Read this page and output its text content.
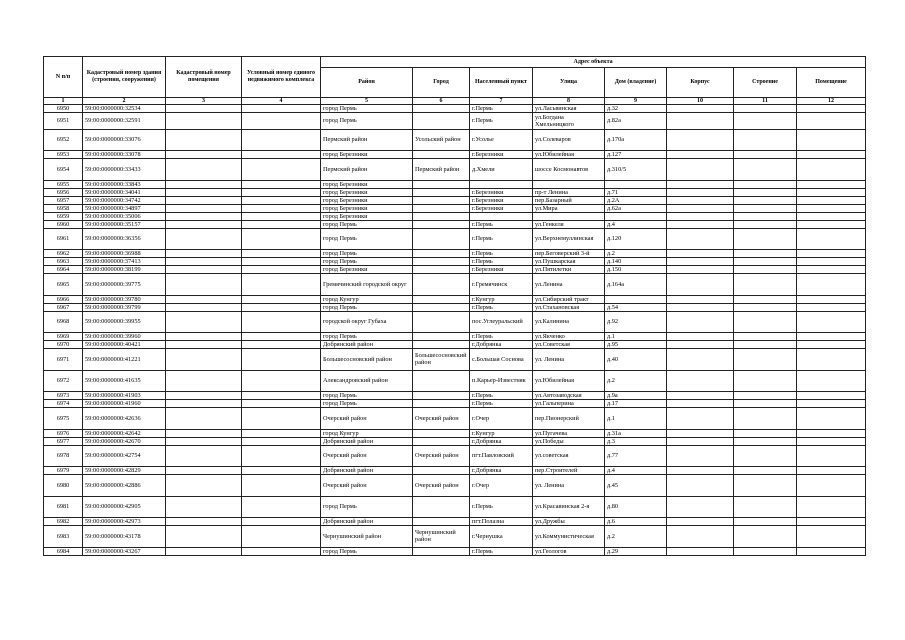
N п/п	Кадастровый номер здания (строения, сооружения)	Кадастровый номер помещения	Условный номер единого недвижимого комплекса	Адрес объекта							
				Район	Город	Населенный пункт	Улица	Дом (владение)	Корпус	Строение	Помещение
1	2	3	4	5	6	7	8	9	10	11	12
6950	59:00:0000000:32534			город Пермь		г.Пермь	ул.Ласьвинская	д.32			
6951	59:00:0000000:32591			город Пермь		г.Пермь	ул.Богдана Хмельницкого	д.82а			
6952	59:00:0000000:33076			Пермский район	Усольский район	г.Усолье	ул.Солеваров	д.170а			
6953	59:00:0000000:33078			город Березники		г.Березники	ул.Юбилейная	д.127			
6954	59:00:0000000:33433			Пермский район	Пермский район	д.Хмели	шоссе Космонавтов	д.310/5			
6955	59:00:0000000:33843			город Березники							
6956	59:00:0000000:34041			город Березники		г.Березники	пр-т Ленина	д.71			
6957	59:00:0000000:34742			город Березники		г.Березники	пер.Базарный	д.2А			
6958	59:00:0000000:34897			город Березники		г.Березники	ул.Мира	д.62а			
6959	59:00:0000000:35006			город Березники							
6960	59:00:0000000:35157			город Пермь		г.Пермь	ул.Генкеля	д.4			
6961	59:00:0000000:36356			город Пермь		г.Пермь	ул.Верхнемуллинская	д.120			
6962	59:00:0000000:36988			город Пермь		г.Пермь	пер.Беговерский 3-й	д.2			
6963	59:00:0000000:37413			город Пермь		г.Пермь	ул.Пушкарская	д.140			
6964	59:00:0000000:38199			город Березники		г.Березники	ул.Пятилетки	д.150			
6965	59:00:0000000:39775			Гремячинский городской округ		г.Гремячинск	ул.Ленина	д.164а			
6966	59:00:0000000:39780			город Кунгур		г.Кунгур	ул.Сибирский тракт				
6967	59:00:0000000:39799			город Пермь		г.Пермь	ул.Стахановская	д.54			
6968	59:00:0000000:39955			городской округ Губаха		пос.Углеуральский	ул.Калинина	д.92			
6969	59:00:0000000:39960			город Пермь		г.Пермь	ул.Якченко	д.1			
6970	59:00:0000000:40421			Добрянский район		г.Добрянка	ул.Советская	д.95			
6971	59:00:0000000:41221			Большесосновский район	Большесосновский район	с.Большая Соснова	ул. Ленина	д.40			
6972	59:00:0000000:41635			Александровский район		п.Карьер-Известняк	ул.Юбилейная	д.2			
6973	59:00:0000000:41903			город Пермь		г.Пермь	ул.Автозаводская	д.9а			
6974	59:00:0000000:41960			город Пермь		г.Пермь	ул.Гальперина	д.17			
6975	59:00:0000000:42636			Очерский район	Очерский район	г.Очер	пер.Пионерский	д.1			
6976	59:00:0000000:42642			город Кунгур		г.Кунгур	ул.Пугачева	д.31а			
6977	59:00:0000000:42670			Добрянский район		г.Добрянка	ул.Победы	д.3			
6978	59:00:0000000:42754			Очерский район	Очерский район	пгт.Павловский	ул.советская	д.77			
6979	59:00:0000000:42829			Добрянский район		г.Добрянка	пер.Строителей	д.4			
6980	59:00:0000000:42886			Очерский район	Очерский район	г.Очер	ул. Ленина	д.45			
6981	59:00:0000000:42905			город Пермь		г.Пермь	ул.Красавинская 2-я	д.80			
6982	59:00:0000000:42973			Добрянский район		пгт.Полазна	ул.Дружбы	д.6			
6983	59:00:0000000:43178			Чернушинский район	Чернушинский район	г.Чернушка	ул.Коммунистическая	д.2			
6984	59:00:0000000:43267			город Пермь		г.Пермь	ул.Геологов	д.29			
